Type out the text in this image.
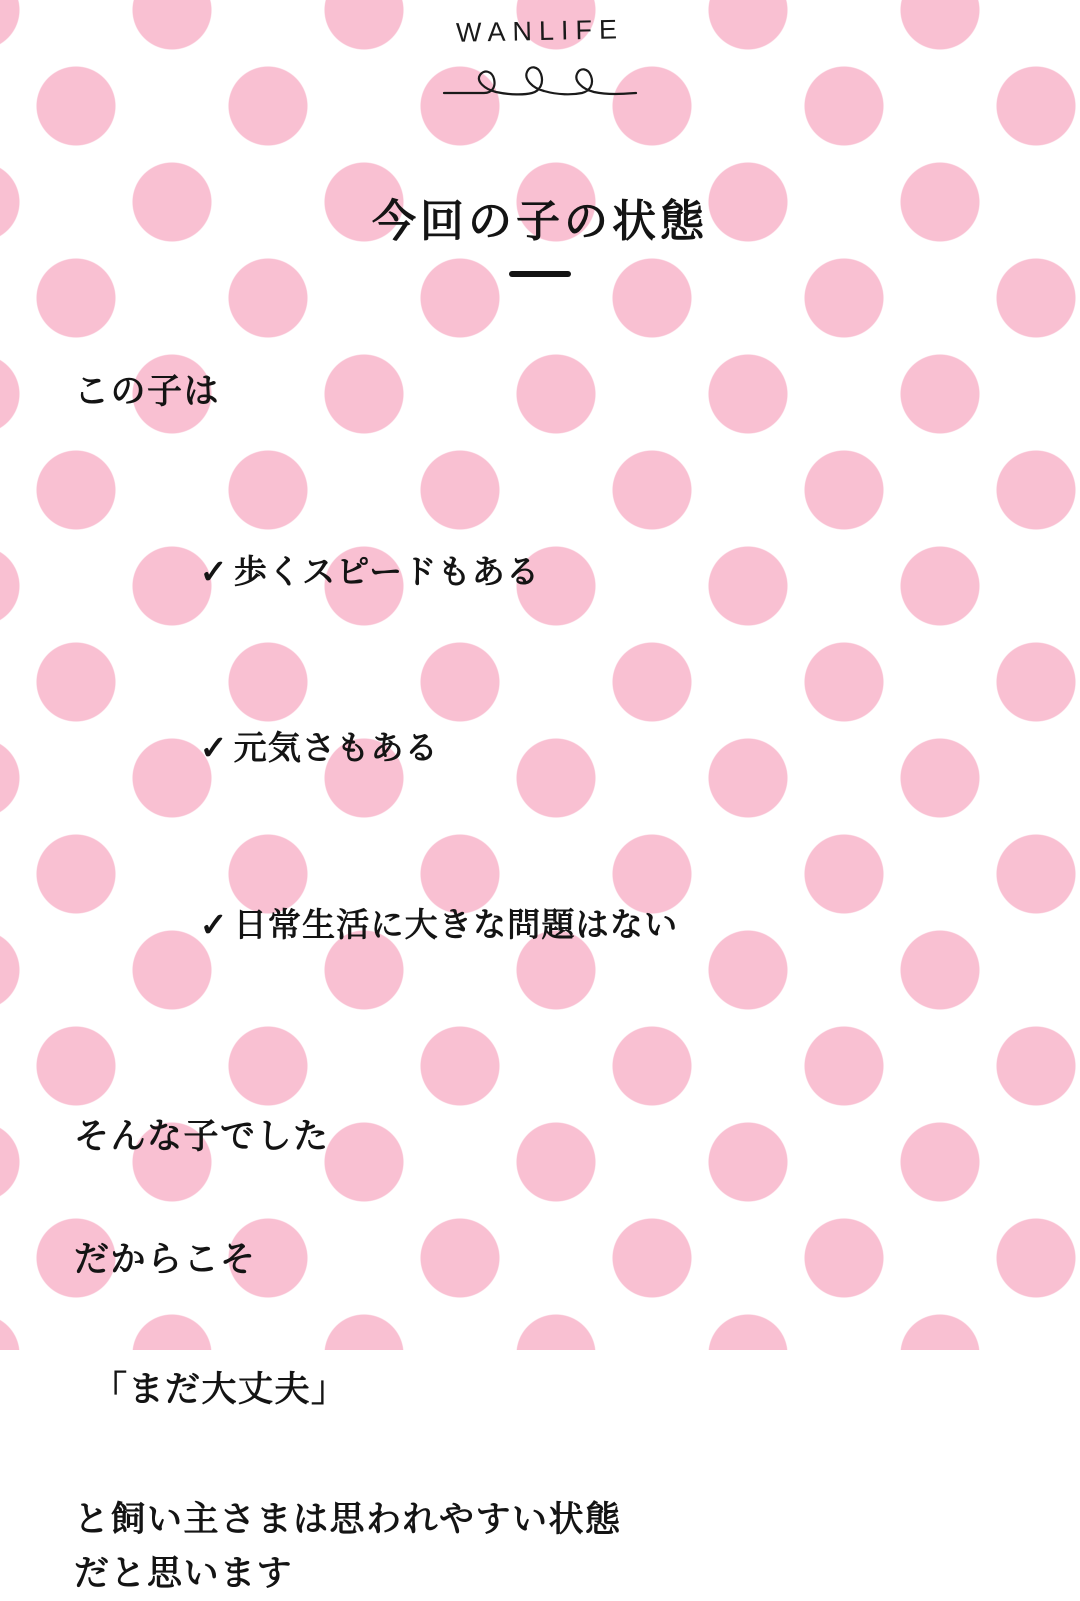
WANLIFE
今回の子の状態
この子は

✓ 歩くスピードもある

✓ 元気さもある

✓ 日常生活に大きな問題はない

そんな子でした
だからこそ
「まだ大丈夫」
と飼い主さまは思われやすい状態
だと思います
